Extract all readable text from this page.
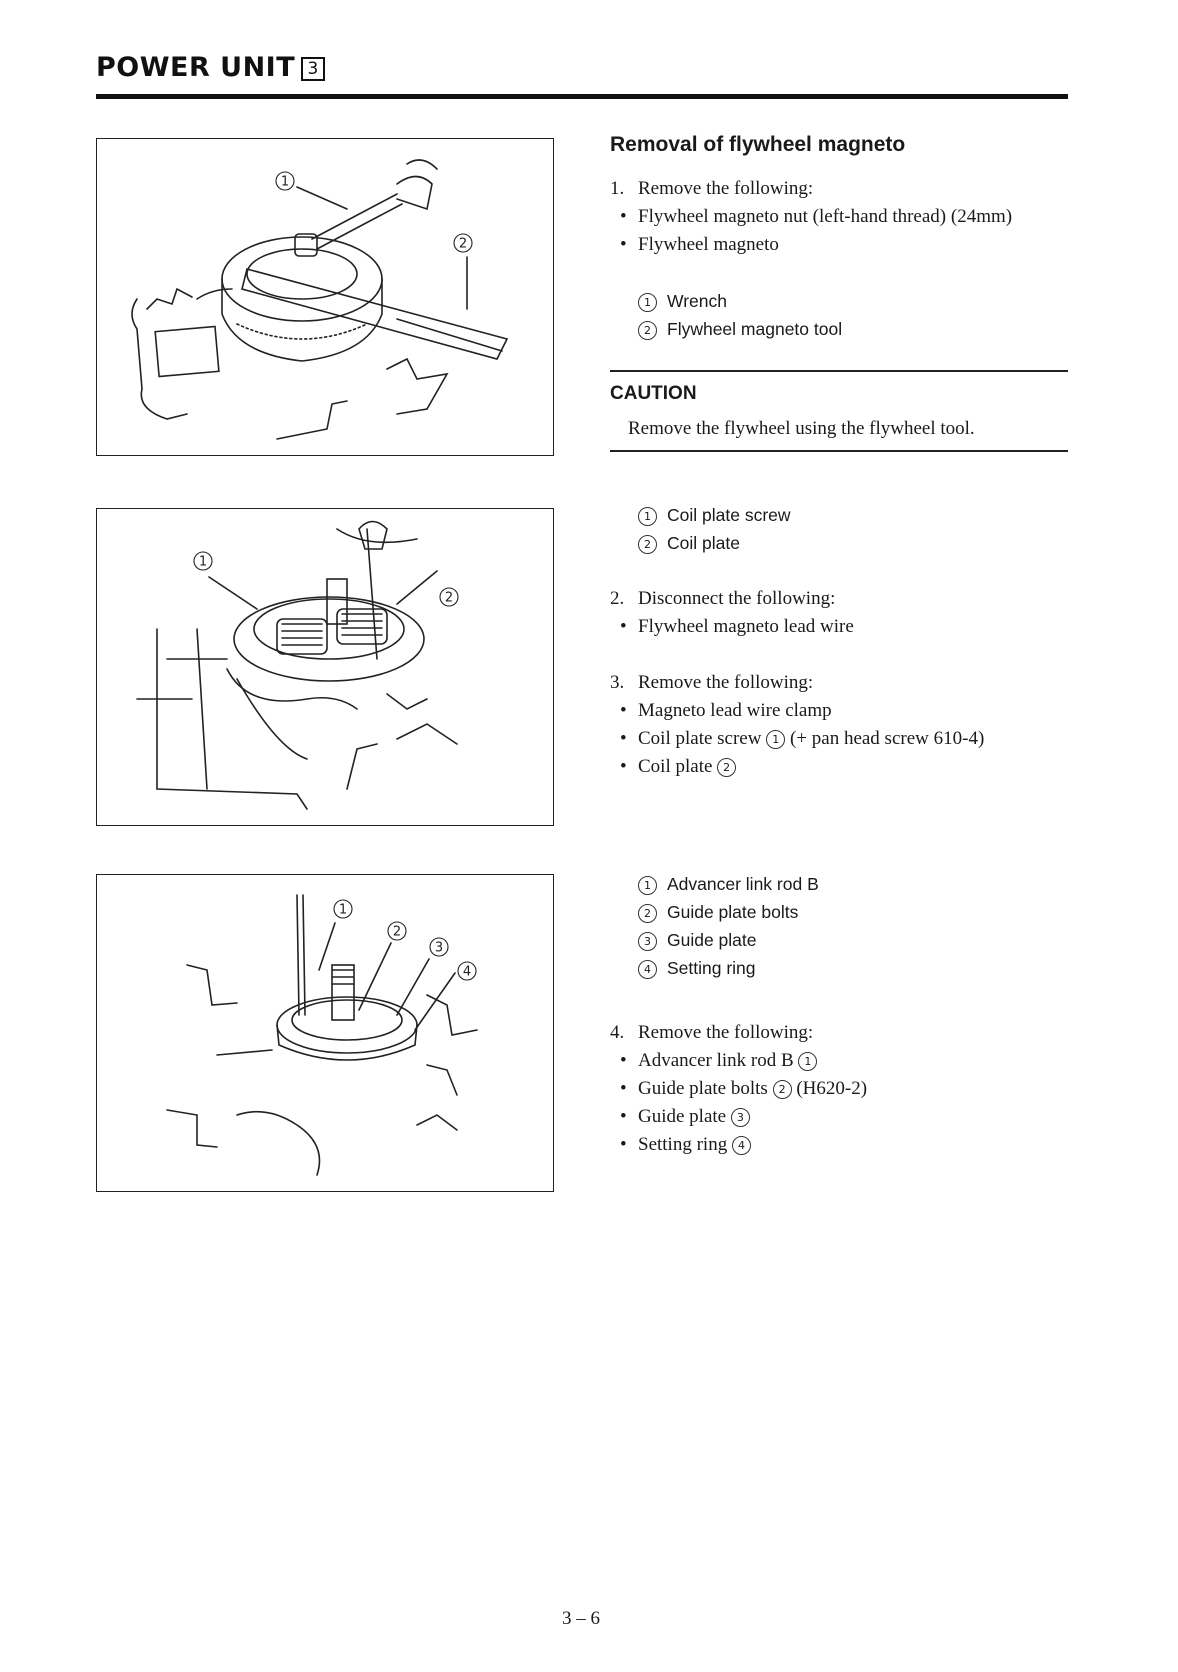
POWER UNIT 3
1
2
1
2
1
2
3
4
Removal of flywheel magneto
1. Remove the following:
• Flywheel magneto nut (left-hand thread) (24mm)
• Flywheel magneto
1 Wrench
2 Flywheel magneto tool
CAUTION
Remove the flywheel using the flywheel tool.
1 Coil plate screw
2 Coil plate
2. Disconnect the following:
• Flywheel magneto lead wire
3. Remove the following:
• Magneto lead wire clamp
• Coil plate screw 1 (+ pan head screw 610-4)
• Coil plate 2
1 Advancer link rod B
2 Guide plate bolts
3 Guide plate
4 Setting ring
4. Remove the following:
• Advancer link rod B 1
• Guide plate bolts 2 (H620-2)
• Guide plate 3
• Setting ring 4
3 – 6
